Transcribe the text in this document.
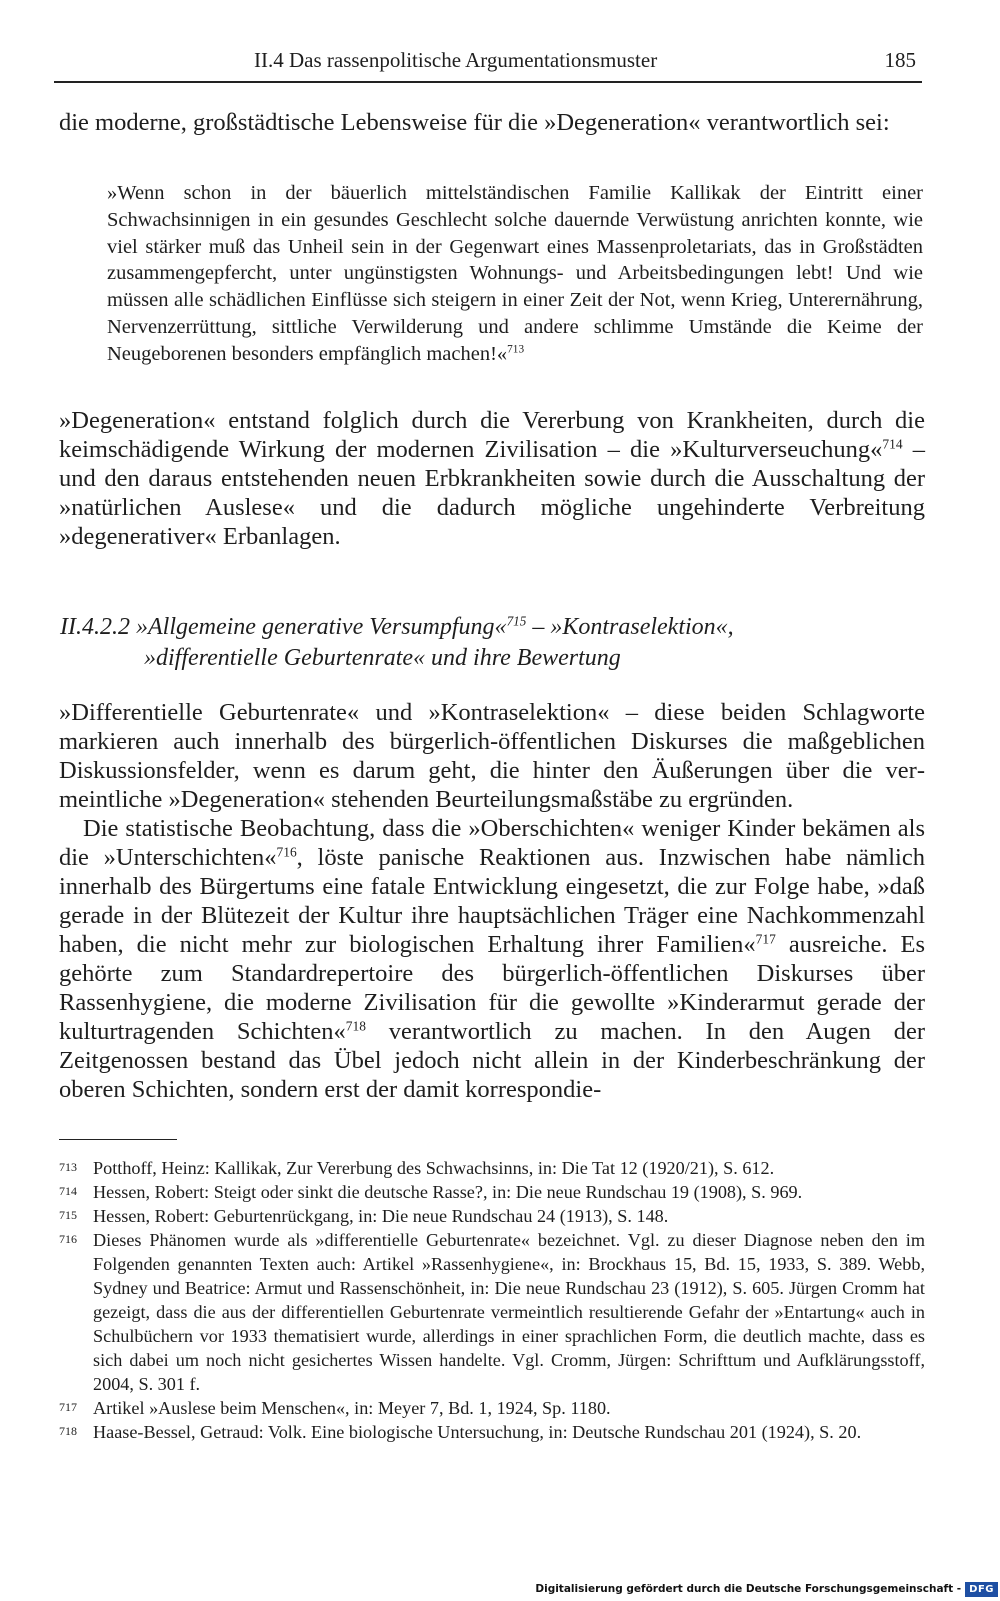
II.4 Das rassenpolitische Argumentationsmuster	185
die moderne, großstädtische Lebensweise für die »Degeneration« verantwortlich sei:
»Wenn schon in der bäuerlich mittelständischen Familie Kallikak der Eintritt einer Schwachsinnigen in ein gesundes Geschlecht solche dauernde Verwüstung anrichten konnte, wie viel stärker muß das Unheil sein in der Gegenwart eines Massenproletariats, das in Großstädten zusammengepfercht, unter ungünstigsten Wohnungs- und Arbeitsbedingungen lebt! Und wie müssen alle schädlichen Einflüsse sich steigern in einer Zeit der Not, wenn Krieg, Unterernährung, Nervenzerrüttung, sittliche Verwilderung und andere schlimme Umstände die Keime der Neugeborenen besonders empfänglich machen!«$^{713}$
»Degeneration« entstand folglich durch die Vererbung von Krankheiten, durch die keimschädigende Wirkung der modernen Zivilisation – die »Kulturverseuchung«$^{714}$ – und den daraus entstehenden neuen Erbkrankheiten sowie durch die Ausschaltung der »natürlichen Auslese« und die dadurch mögliche ungehinderte Verbreitung »degenerativer« Erbanlagen.
II.4.2.2 »Allgemeine generative Versumpfung«$^{715}$ – »Kontraselektion«,
»differentielle Geburtenrate« und ihre Bewertung
»Differentielle Geburtenrate« und »Kontraselektion« – diese beiden Schlagworte markieren auch innerhalb des bürgerlich-öffentlichen Diskurses die maßgeblichen Diskussionsfelder, wenn es darum geht, die hinter den Äußerungen über die vermeintliche »Degeneration« stehenden Beurteilungsmaßstäbe zu ergründen.
Die statistische Beobachtung, dass die »Oberschichten« weniger Kinder bekämen als die »Unterschichten«$^{716}$, löste panische Reaktionen aus. Inzwischen habe nämlich innerhalb des Bürgertums eine fatale Entwicklung eingesetzt, die zur Folge habe, »daß gerade in der Blütezeit der Kultur ihre hauptsächlichen Träger eine Nachkommenzahl haben, die nicht mehr zur biologischen Erhaltung ihrer Familien«$^{717}$ ausreiche. Es gehörte zum Standardrepertoire des bürgerlich-öffentlichen Diskurses über Rassenhygiene, die moderne Zivilisation für die gewollte »Kinderarmut gerade der kulturtragenden Schichten«$^{718}$ verantwortlich zu machen. In den Augen der Zeitgenossen bestand das Übel jedoch nicht allein in der Kinderbeschränkung der oberen Schichten, sondern erst der damit korrespondie-
713 Potthoff, Heinz: Kallikak, Zur Vererbung des Schwachsinns, in: Die Tat 12 (1920/21), S. 612.
714 Hessen, Robert: Steigt oder sinkt die deutsche Rasse?, in: Die neue Rundschau 19 (1908), S. 969.
715 Hessen, Robert: Geburtenrückgang, in: Die neue Rundschau 24 (1913), S. 148.
716 Dieses Phänomen wurde als »differentielle Geburtenrate« bezeichnet. Vgl. zu dieser Diagnose neben den im Folgenden genannten Texten auch: Artikel »Rassenhygiene«, in: Brockhaus 15, Bd. 15, 1933, S. 389. Webb, Sydney und Beatrice: Armut und Rassenschönheit, in: Die neue Rundschau 23 (1912), S. 605. Jürgen Cromm hat gezeigt, dass die aus der differentiellen Geburtenrate vermeintlich resultierende Gefahr der »Entartung« auch in Schulbüchern vor 1933 thematisiert wurde, allerdings in einer sprachlichen Form, die deutlich machte, dass es sich dabei um noch nicht gesichertes Wissen handelte. Vgl. Cromm, Jürgen: Schrifttum und Aufklärungsstoff, 2004, S. 301 f.
717 Artikel »Auslese beim Menschen«, in: Meyer 7, Bd. 1, 1924, Sp. 1180.
718 Haase-Bessel, Getraud: Volk. Eine biologische Untersuchung, in: Deutsche Rundschau 201 (1924), S. 20.
Digitalisierung gefördert durch die Deutsche Forschungsgemeinschaft - DFG
